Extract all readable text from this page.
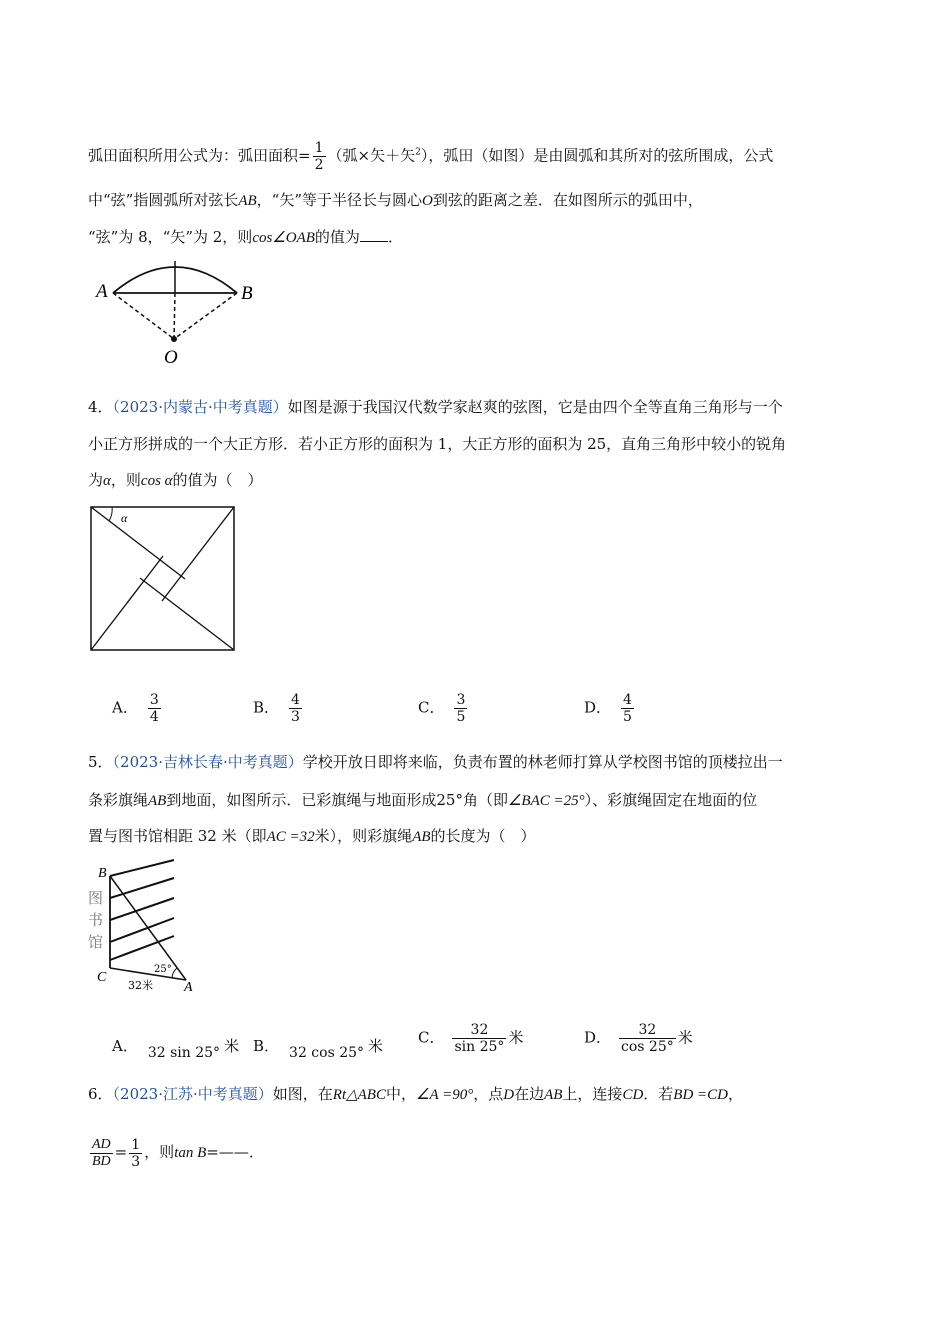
弧田面积所用公式为：弧田面积= $\frac{1}{2}$ （弧×矢＋矢$^2$），弧田（如图）是由圆弧和其所对的弦所围成，公式
中“弦”指圆弧所对弦长AB，“矢”等于半径长与圆心O到弦的距离之差．在如图所示的弧田中，
“弦”为 8，“矢”为 2，则cos∠OAB的值为 ．
A	B
O
4．（2023·内蒙古·中考真题）如图是源于我国汉代数学家赵爽的弦图，它是由四个全等直角三角形与一个
小正方形拼成的一个大正方形．若小正方形的面积为 1，大正方形的面积为 25，直角三角形中较小的锐角
为α，则cos α的值为（　）
α
A． $\frac{3}{4}$	B． $\frac{4}{3}$	C． $\frac{3}{5}$	D． $\frac{4}{5}$
5．（2023·吉林长春·中考真题）学校开放日即将来临，负责布置的林老师打算从学校图书馆的顶楼拉出一
条彩旗绳AB到地面，如图所示．已彩旗绳与地面形成25°角（即∠BAC =25°）、彩旗绳固定在地面的位
置与图书馆相距 32 米（即AC =32米），则彩旗绳AB的长度为（　）
B
C
A
图
书
馆
25°
32米
A． 32 sin 25° 米 B． 32 cos 25° 米 C． $\frac{32}{\sin 25^\circ}$ 米	D． $\frac{32}{\cos 25^\circ}$ 米
6．（2023·江苏·中考真题）如图，在Rt△ABC中，∠A =90°，点D在边AB上，连接CD．若BD =CD，
$\frac{AD}{BD} = \frac{1}{3}$ ，则tan B=——．
